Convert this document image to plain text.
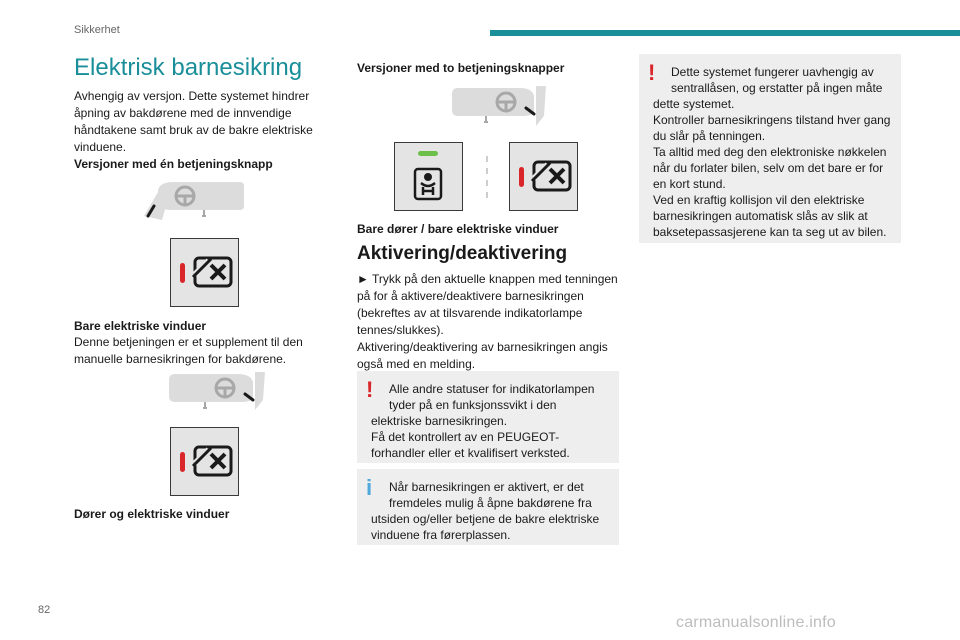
Sikkerhet
82
carmanualsonline.info
Elektrisk barnesikring

Avhengig av versjon. Dette systemet hindrer åpning av bakdørene med de innvendige håndtakene samt bruk av de bakre elektriske vinduene.

Versjoner med én betjeningsknapp

Bare elektriske vinduer

Denne betjeningen er et supplement til den manuelle barnesikringen for bakdørene.

Dører og elektriske vinduer

Versjoner med to betjeningsknapper

Bare dører / bare elektriske vinduer

Aktivering/deaktivering

► Trykk på den aktuelle knappen med tenningen på for å aktivere/deaktivere barnesikringen (bekreftes av at tilsvarende indikatorlampe tennes/slukkes).

Aktivering/deaktivering av barnesikringen angis også med en melding.

!	Alle andre statuser for indikatorlampen tyder på en funksjonssvikt i den

elektriske barnesikringen.

Få det kontrollert av en PEUGEOT-forhandler eller et kvalifisert verksted.

i	Når barnesikringen er aktivert, er det fremdeles mulig å åpne bakdørene fra

utsiden og/eller betjene de bakre elektriske vinduene fra førerplassen.

!	Dette systemet fungerer uavhengig av sentrallåsen, og erstatter på ingen måte

dette systemet.

Kontroller barnesikringens tilstand hver gang du slår på tenningen.

Ta alltid med deg den elektroniske nøkkelen når du forlater bilen, selv om det bare er for en kort stund.

Ved en kraftig kollisjon vil den elektriske barnesikringen automatisk slås av slik at baksetepassasjerene kan ta seg ut av bilen.
